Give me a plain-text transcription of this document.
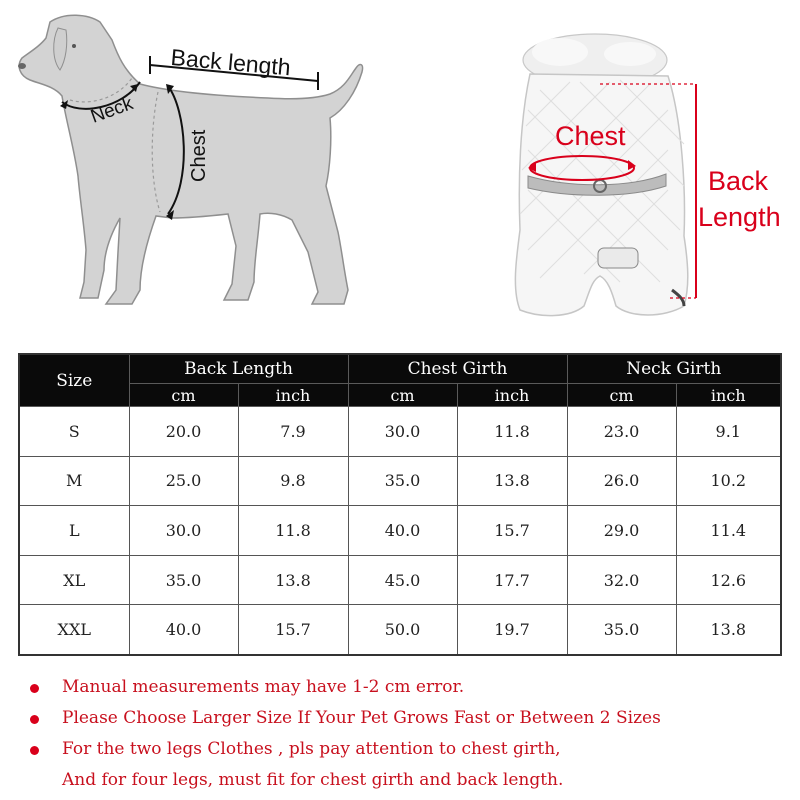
Back length
Neck
Chest	Chest
Back
Length
Size	Back Length		Chest Girth		Neck Girth	
	cm	inch	cm	inch	cm	inch
S	20.0	7.9	30.0	11.8	23.0	9.1
M	25.0	9.8	35.0	13.8	26.0	10.2
L	30.0	11.8	40.0	15.7	29.0	11.4
XL	35.0	13.8	45.0	17.7	32.0	12.6
XXL	40.0	15.7	50.0	19.7	35.0	13.8
Manual measurements may have 1-2 cm error.
Please Choose Larger Size If Your Pet Grows Fast or Between 2 Sizes
For the two legs Clothes , pls pay attention to chest girth,
And for four legs, must fit for chest girth and back length.
